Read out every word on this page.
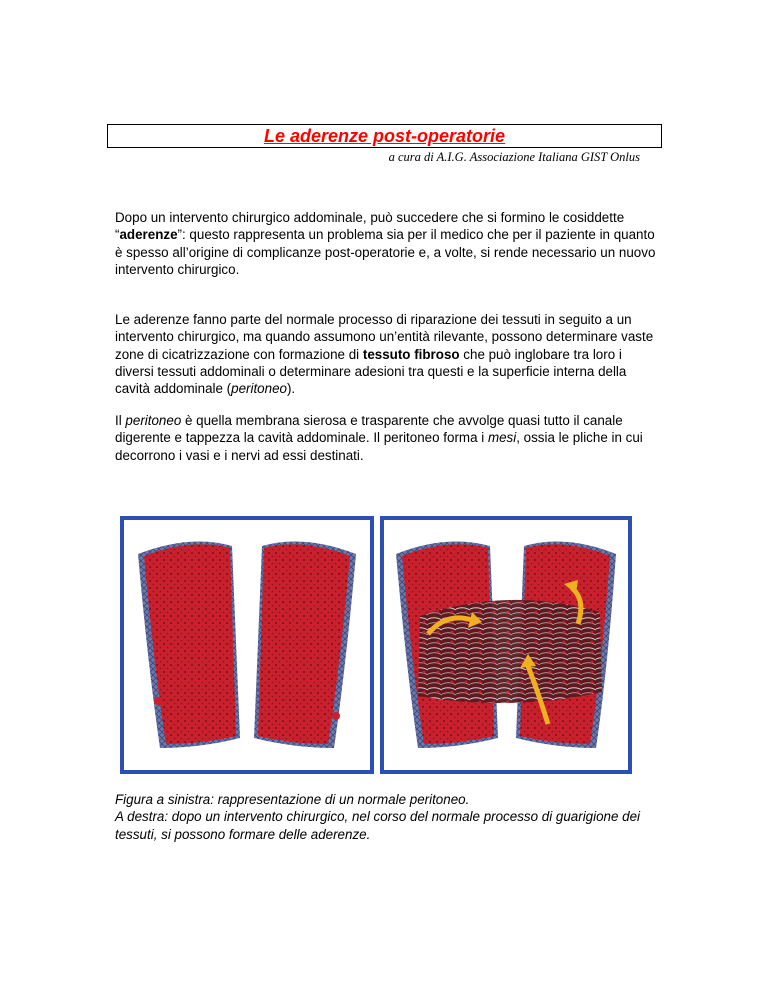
Le aderenze post-operatorie
a cura di A.I.G. Associazione Italiana GIST Onlus

Dopo un intervento chirurgico addominale, può succedere che si formino le cosiddette “aderenze”: questo rappresenta un problema sia per il medico che per il paziente in quanto è spesso all’origine di complicanze post-operatorie e, a volte, si rende necessario un nuovo intervento chirurgico.

Le aderenze fanno parte del normale processo di riparazione dei tessuti in seguito a un intervento chirurgico, ma quando assumono un’entità rilevante, possono determinare vaste zone di cicatrizzazione con formazione di tessuto fibroso che può inglobare tra loro i diversi tessuti addominali o determinare adesioni tra questi e la superficie interna della cavità addominale (peritoneo).

Il peritoneo è quella membrana sierosa e trasparente che avvolge quasi tutto il canale digerente e tappezza la cavità addominale. Il peritoneo forma i mesi, ossia le pliche in cui decorrono i vasi e i nervi ad essi destinati.

Figura a sinistra: rappresentazione di un normale peritoneo.
A destra: dopo un intervento chirurgico, nel corso del normale processo di guarigione dei tessuti, si possono formare delle aderenze.
